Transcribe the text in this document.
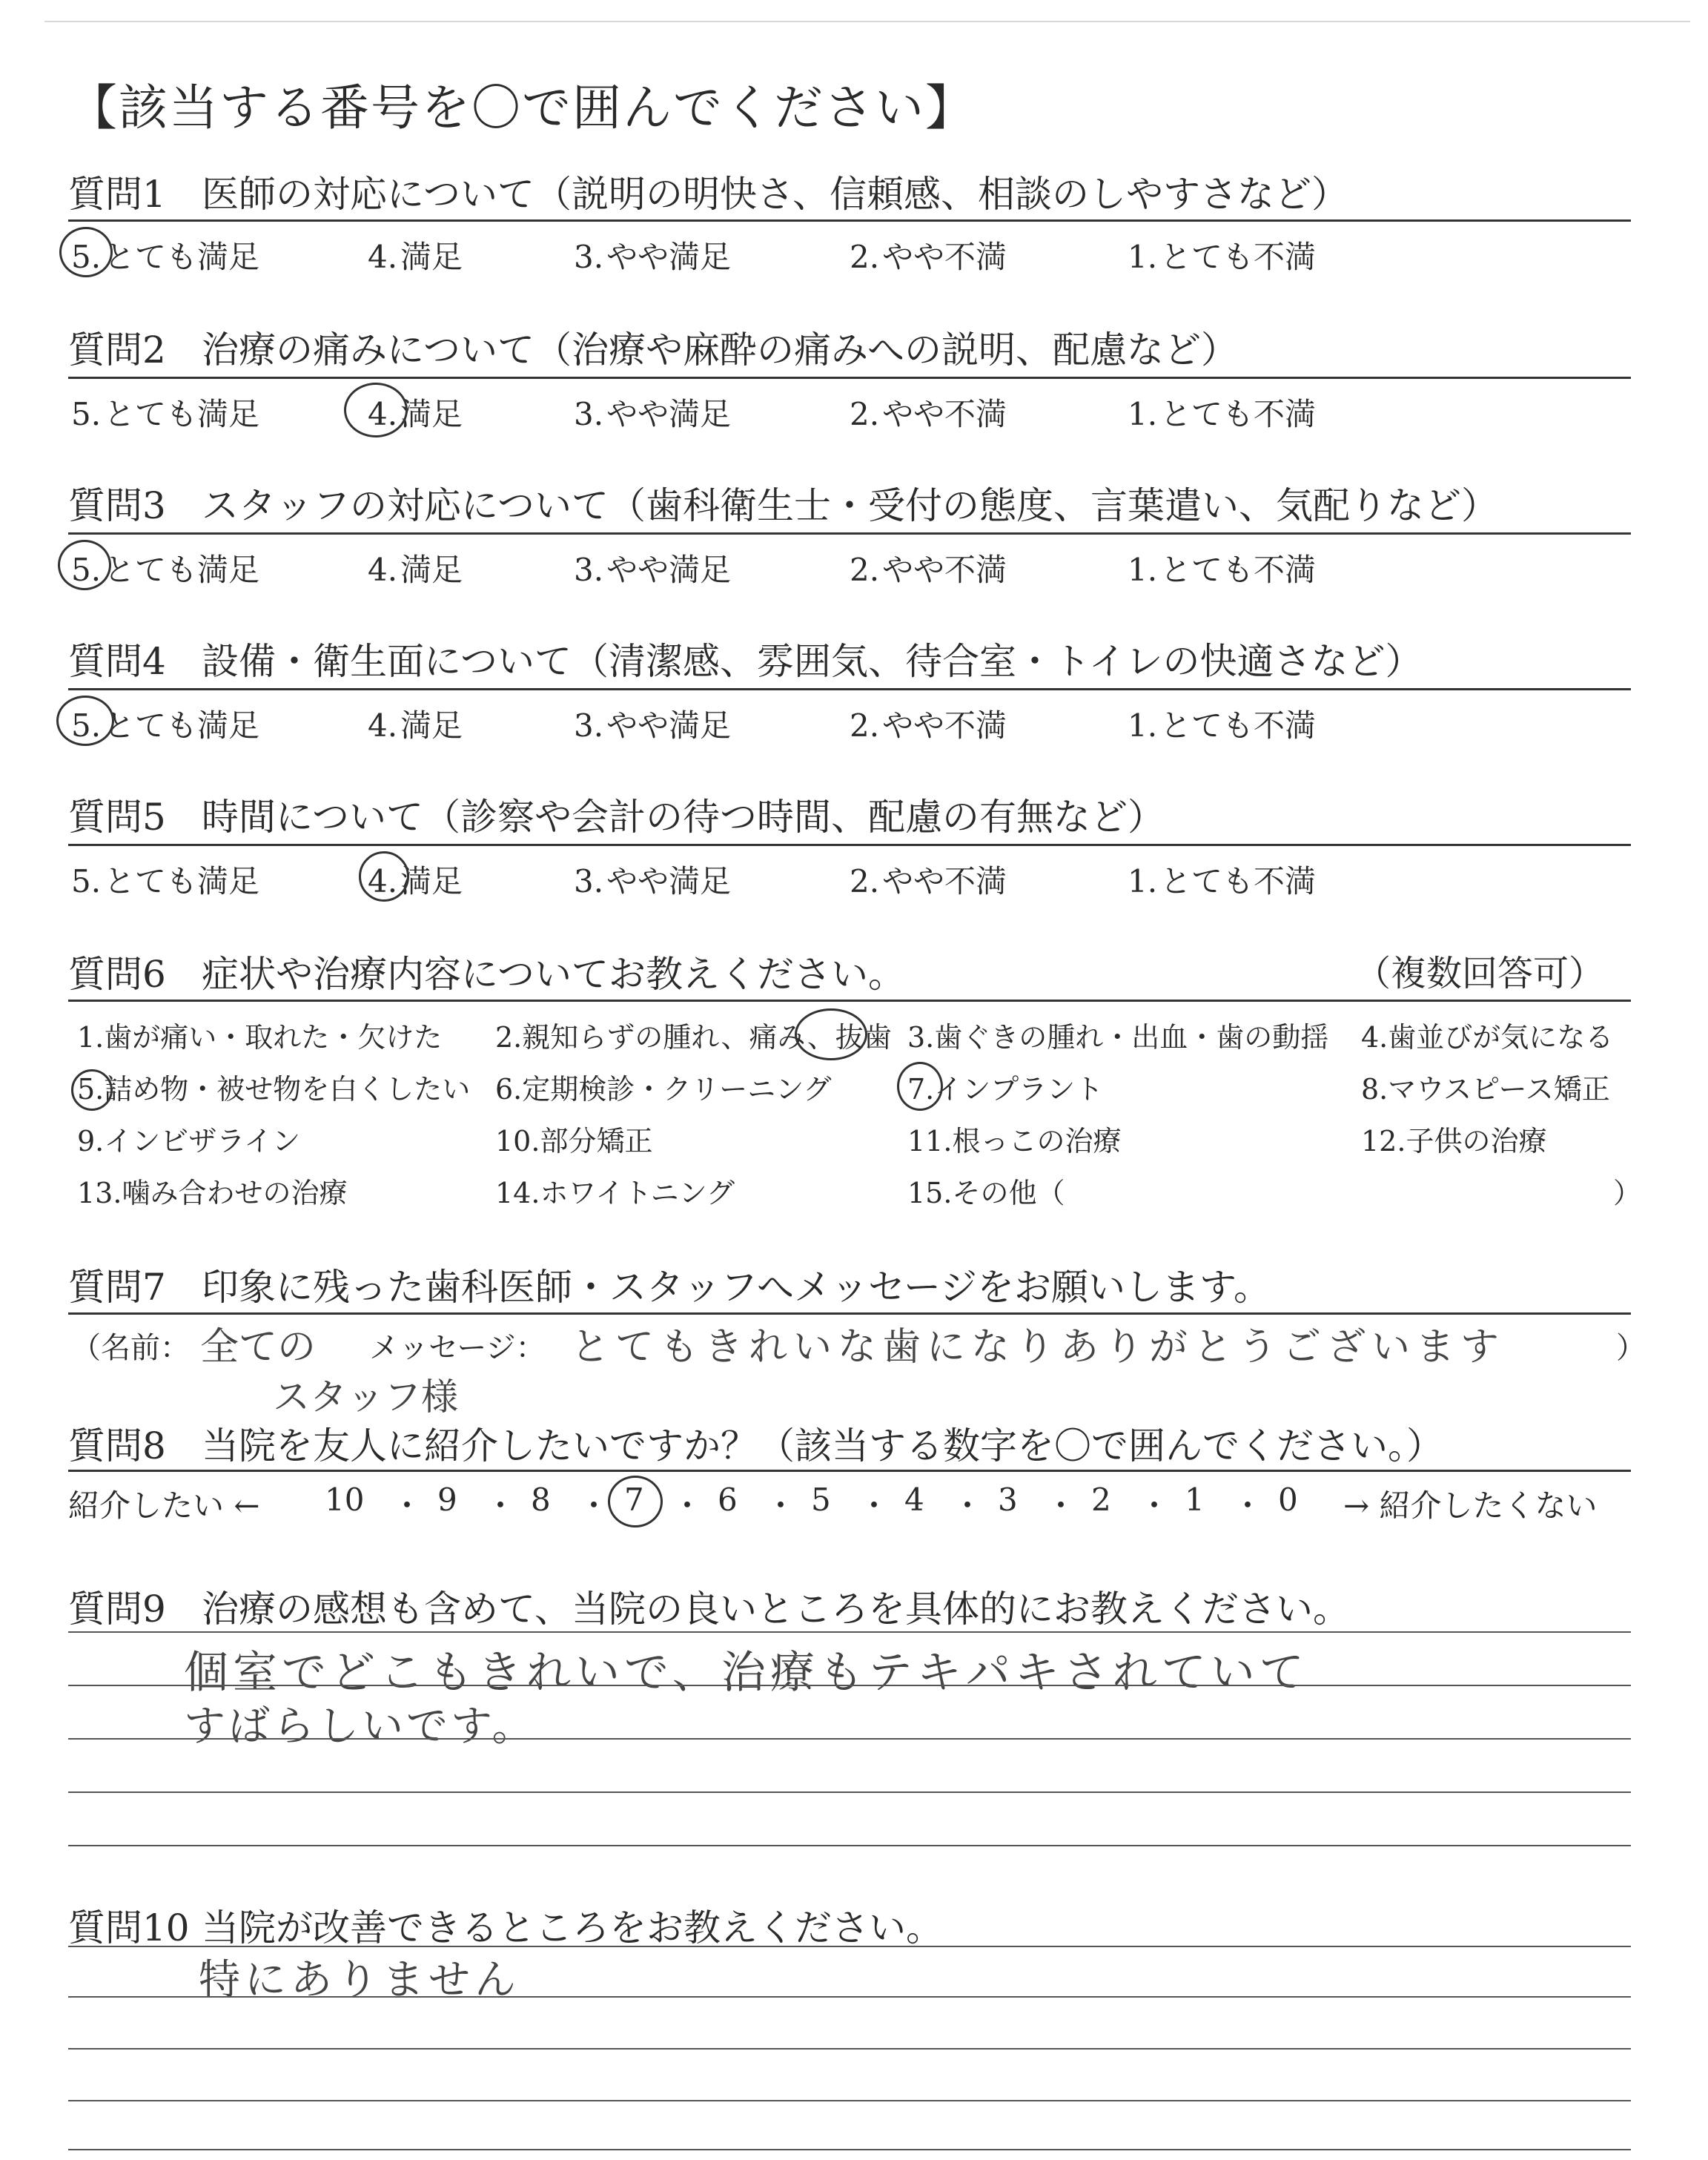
【該当する番号を〇で囲んでください】
質問1 医師の対応について（説明の明快さ、信頼感、相談のしやすさなど）
5.とても満足	4.満足	3.やや満足	2.やや不満	1.とても不満
質問2 治療の痛みについて（治療や麻酔の痛みへの説明、配慮など）
5.とても満足	4.満足	3.やや満足	2.やや不満	1.とても不満
質問3 スタッフの対応について（歯科衛生士・受付の態度、言葉遣い、気配りなど）
5.とても満足	4.満足	3.やや満足	2.やや不満	1.とても不満
質問4 設備・衛生面について（清潔感、雰囲気、待合室・トイレの快適さなど）
5.とても満足	4.満足	3.やや満足	2.やや不満	1.とても不満
質問5 時間について（診察や会計の待つ時間、配慮の有無など）
5.とても満足	4.満足	3.やや満足	2.やや不満	1.とても不満
質問6 症状や治療内容についてお教えください。	（複数回答可）
1.歯が痛い・取れた・欠けた 2.親知らずの腫れ、痛み、抜歯 3.歯ぐきの腫れ・出血・歯の動揺 4.歯並びが気になる
5.詰め物・被せ物を白くしたい 6.定期検診・クリーニング	7.インプラント	8.マウスピース矯正
9.インビザライン	10.部分矯正	11.根っこの治療	12.子供の治療
13.噛み合わせの治療	14.ホワイトニング	15.その他（	）
質問7 印象に残った歯科医師・スタッフへメッセージをお願いします。
（名前： 全ての
スタッフ様
メッセージ： とてもきれいな歯になりありがとうございます	）
質問8 当院を友人に紹介したいですか？（該当する数字を〇で囲んでください。）
紹介したい ← 10 ・ 9 ・ 8 ・ 7 ・ 6 ・ 5 ・ 4 ・ 3 ・ 2 ・ 1 ・ 0 → 紹介したくない
質問9 治療の感想も含めて、当院の良いところを具体的にお教えください。
個室でどこもきれいで、治療もテキパキされていて
すばらしいです。
質問10 当院が改善できるところをお教えください。
特にありません
